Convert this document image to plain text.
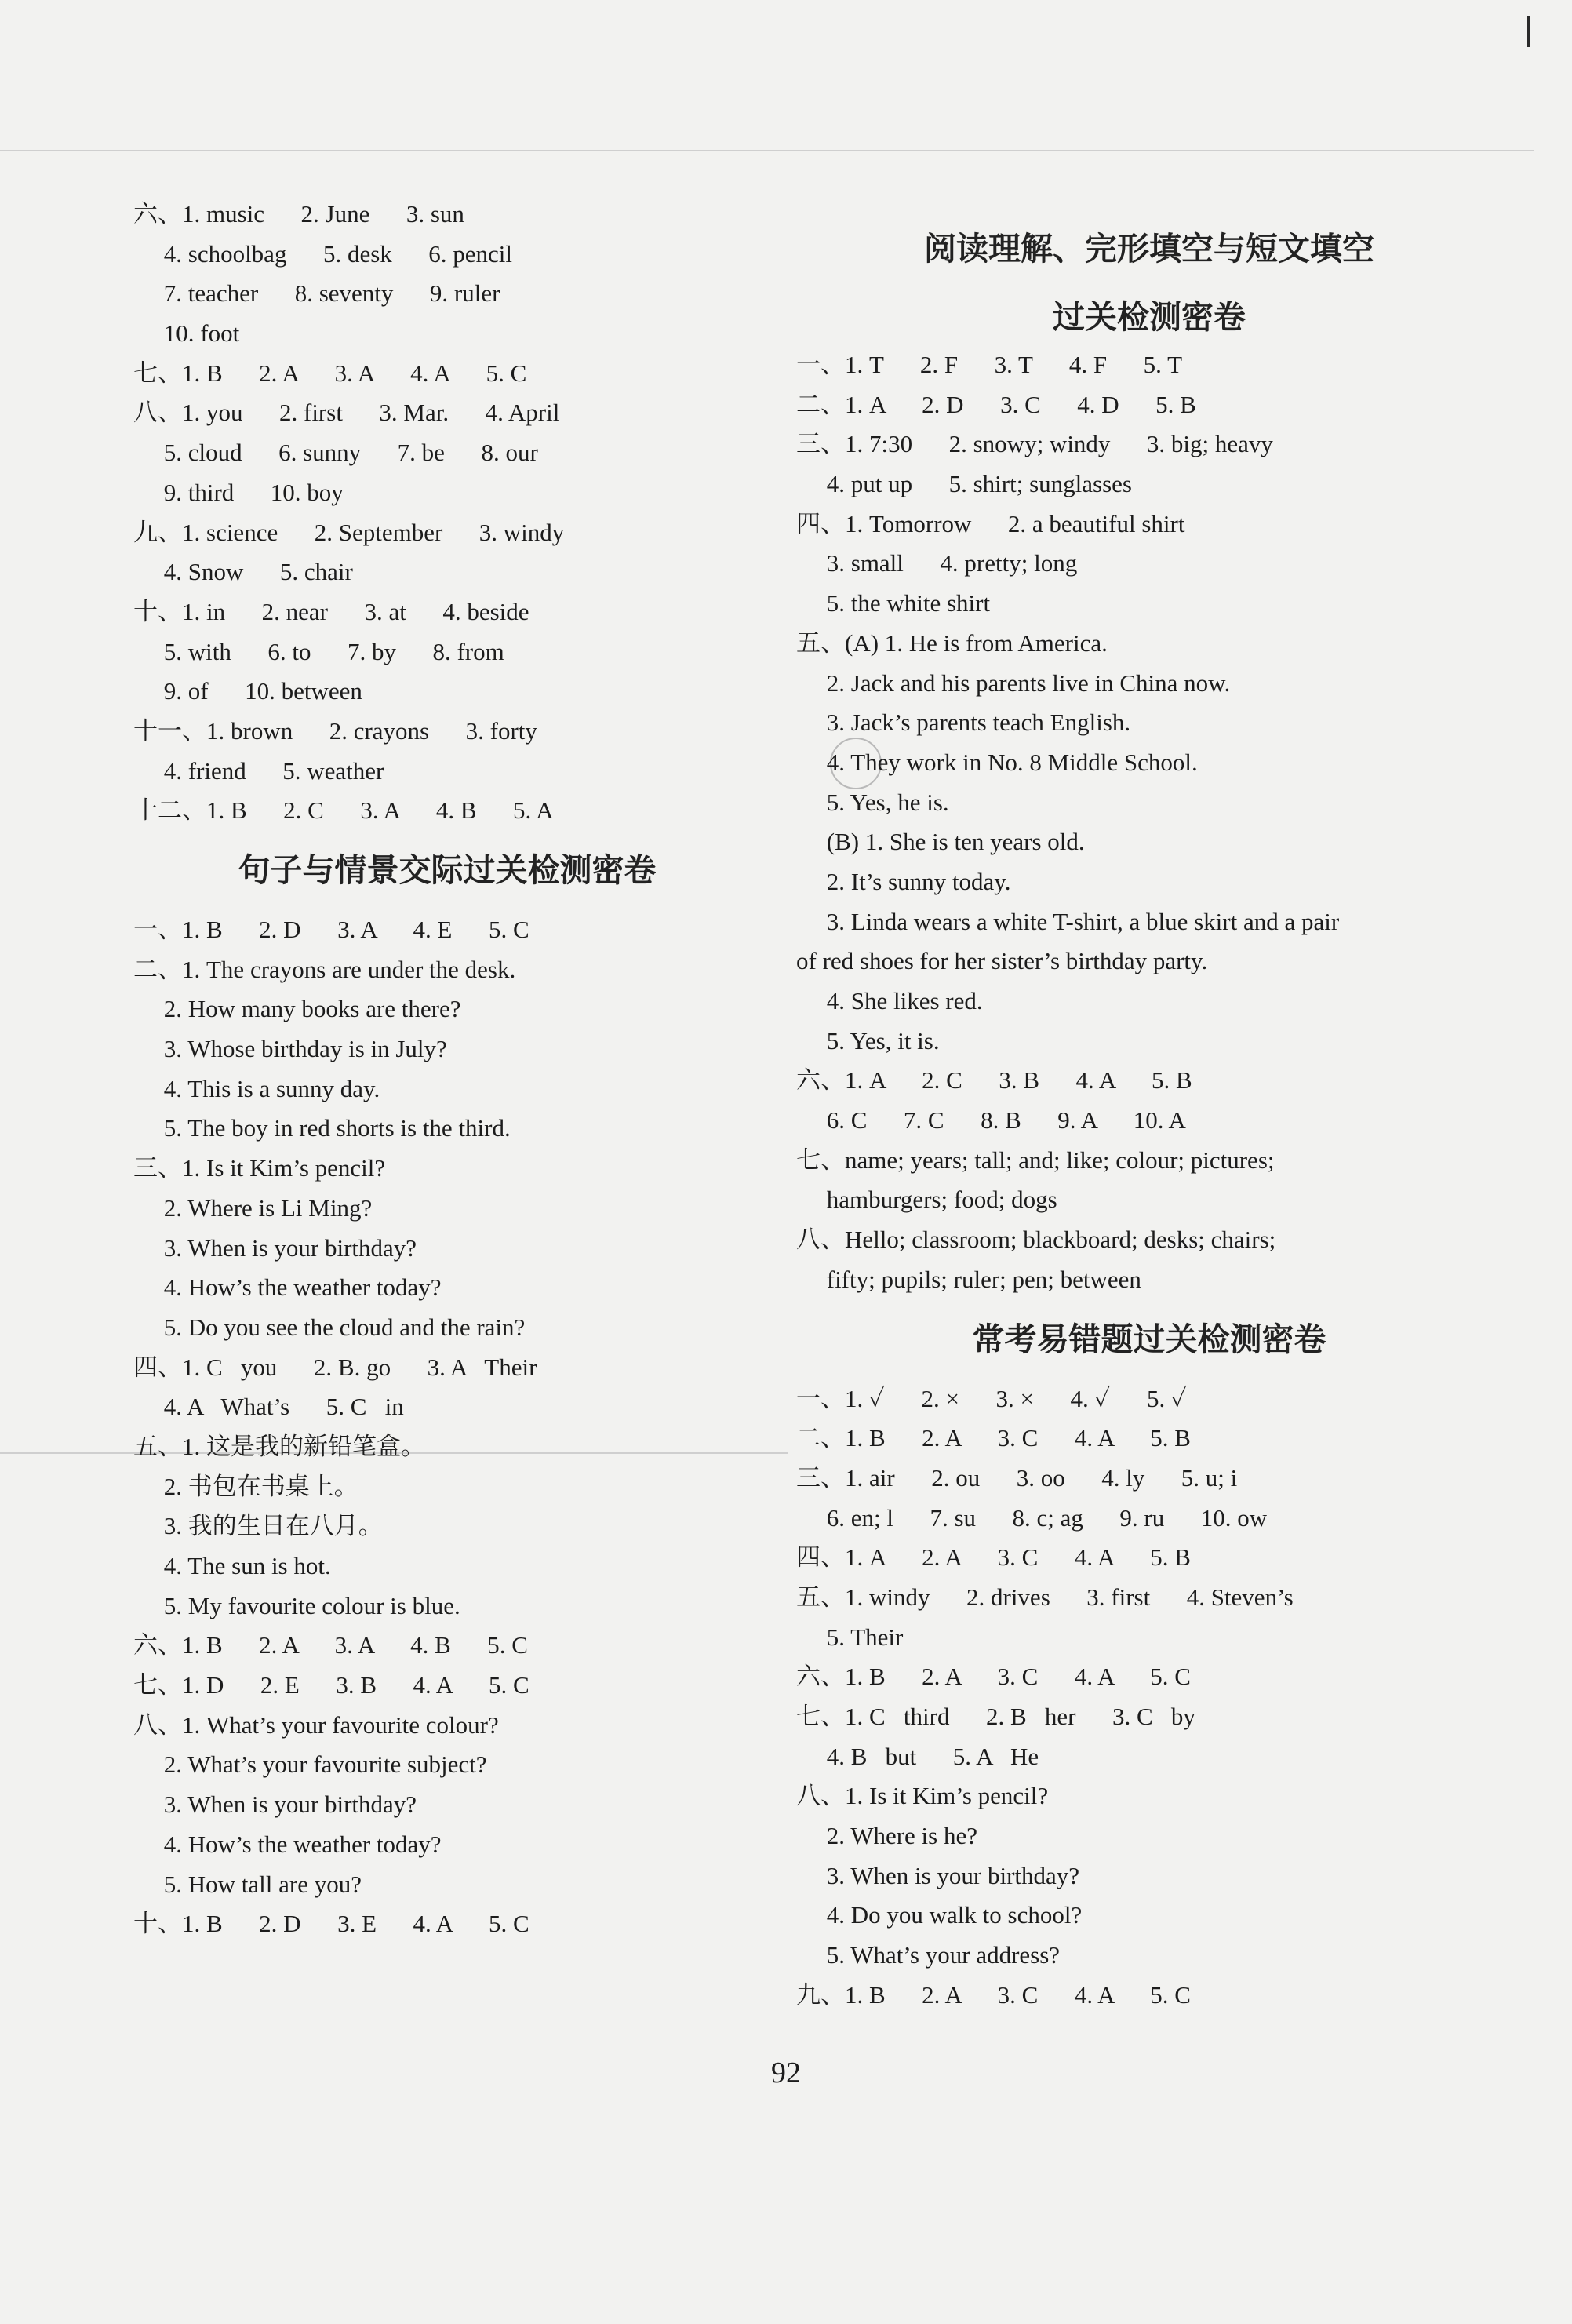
六、1. music      2. June      3. sun
4. schoolbag      5. desk      6. pencil
7. teacher      8. seventy      9. ruler
10. foot
七、1. B      2. A      3. A      4. A      5. C
八、1. you      2. first      3. Mar.      4. April
5. cloud      6. sunny      7. be      8. our
9. third      10. boy
九、1. science      2. September      3. windy
4. Snow      5. chair
十、1. in      2. near      3. at      4. beside
5. with      6. to      7. by      8. from
9. of      10. between
十一、1. brown      2. crayons      3. forty
4. friend      5. weather
十二、1. B      2. C      3. A      4. B      5. A
句子与情景交际过关检测密卷
一、1. B      2. D      3. A      4. E      5. C
二、1. The crayons are under the desk.
2. How many books are there?
3. Whose birthday is in July?
4. This is a sunny day.
5. The boy in red shorts is the third.
三、1. Is it Kim’s pencil?
2. Where is Li Ming?
3. When is your birthday?
4. How’s the weather today?
5. Do you see the cloud and the rain?
四、1. C   you      2. B. go      3. A   Their
4. A   What’s      5. C   in
五、1. 这是我的新铅笔盒。
2. 书包在书桌上。
3. 我的生日在八月。
4. The sun is hot.
5. My favourite colour is blue.
六、1. B      2. A      3. A      4. B      5. C
七、1. D      2. E      3. B      4. A      5. C
八、1. What’s your favourite colour?
2. What’s your favourite subject?
3. When is your birthday?
4. How’s the weather today?
5. How tall are you?
十、1. B      2. D      3. E      4. A      5. C
阅读理解、完形填空与短文填空
过关检测密卷
一、1. T      2. F      3. T      4. F      5. T
二、1. A      2. D      3. C      4. D      5. B
三、1. 7:30      2. snowy; windy      3. big; heavy
4. put up      5. shirt; sunglasses
四、1. Tomorrow      2. a beautiful shirt
3. small      4. pretty; long
5. the white shirt
五、(A) 1. He is from America.
2. Jack and his parents live in China now.
3. Jack’s parents teach English.
4. They work in No. 8 Middle School.
5. Yes, he is.
(B) 1. She is ten years old.
2. It’s sunny today.
3. Linda wears a white T-shirt, a blue skirt and a pair
of red shoes for her sister’s birthday party.
4. She likes red.
5. Yes, it is.
六、1. A      2. C      3. B      4. A      5. B
6. C      7. C      8. B      9. A      10. A
七、name; years; tall; and; like; colour; pictures;
hamburgers; food; dogs
八、Hello; classroom; blackboard; desks; chairs;
fifty; pupils; ruler; pen; between
常考易错题过关检测密卷
一、1. ✓      2. ×      3. ×      4. ✓      5. ✓
二、1. B      2. A      3. C      4. A      5. B
三、1. air      2. ou      3. oo      4. ly      5. u; i
6. en; l      7. su      8. c; ag      9. ru      10. ow
四、1. A      2. A      3. C      4. A      5. B
五、1. windy      2. drives      3. first      4. Steven’s
5. Their
六、1. B      2. A      3. C      4. A      5. C
七、1. C   third      2. B   her      3. C   by
4. B   but      5. A   He
八、1. Is it Kim’s pencil?
2. Where is he?
3. When is your birthday?
4. Do you walk to school?
5. What’s your address?
九、1. B      2. A      3. C      4. A      5. C
92
